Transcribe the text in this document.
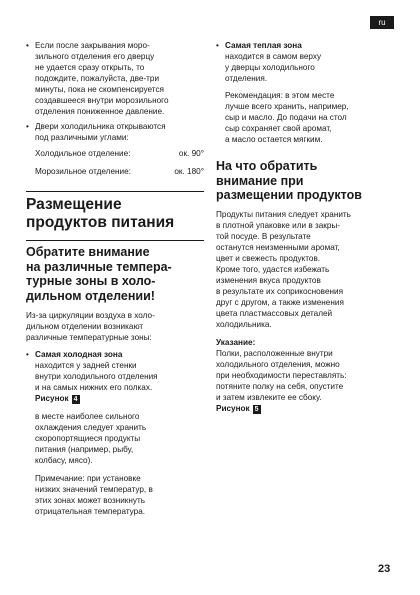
ru
• Если после закрывания моро-

зильного отделения его дверцу

не удается сразу открыть, то

подождите, пожалуйста, две-три

минуты, пока не скомпенсируется

создавшееся внутри морозильного

отделения пониженное давление.

• Двери холодильника открываются

под различными углами:

Холодильное отделение:	ок. 90°
Морозильное отделение:	ок. 180°

Размещение

продуктов питания

Обратите внимание

на различные темпера-

турные зоны в холо-

дильном отделении!

Из-за циркуляции воздуха в холо-

дильном отделении возникают

различные температурные зоны:

• Самая холодная зона

находится у задней стенки

внутри холодильного отделения

и на самых нижних его полках.

Рисунок 4

в месте наиболее сильного

охлаждения следует хранить

скоропортящиеся продукты

питания (например, рыбу,

колбасу, мясо).

Примечание: при установке

низких значений температур, в

этих зонах может возникнуть

отрицательная температура.

• Самая теплая зона

находится в самом верху

у дверцы холодильного

отделения.

Рекомендация: в этом месте

лучше всего хранить, например,

сыр и масло. До подачи на стол

сыр сохраняет свой аромат,

а масло остается мягким.

На что обратить

внимание при

размещении продуктов

Продукты питания следует хранить

в плотной упаковке или в закры-

той посуде. В результате

останутся неизменными аромат,

цвет и свежесть продуктов.

Кроме того, удастся избежать

изменения вкуса продуктов

в результате их соприкосновения

друг с другом, а также изменения

цвета пластмассовых деталей

холодильника.

Указание:

Полки, расположенные внутри

холодильного отделения, можно

при необходимости переставлять:

потяните полку на себя, опустите

и затем извлеките ее сбоку.

Рисунок 5

23
